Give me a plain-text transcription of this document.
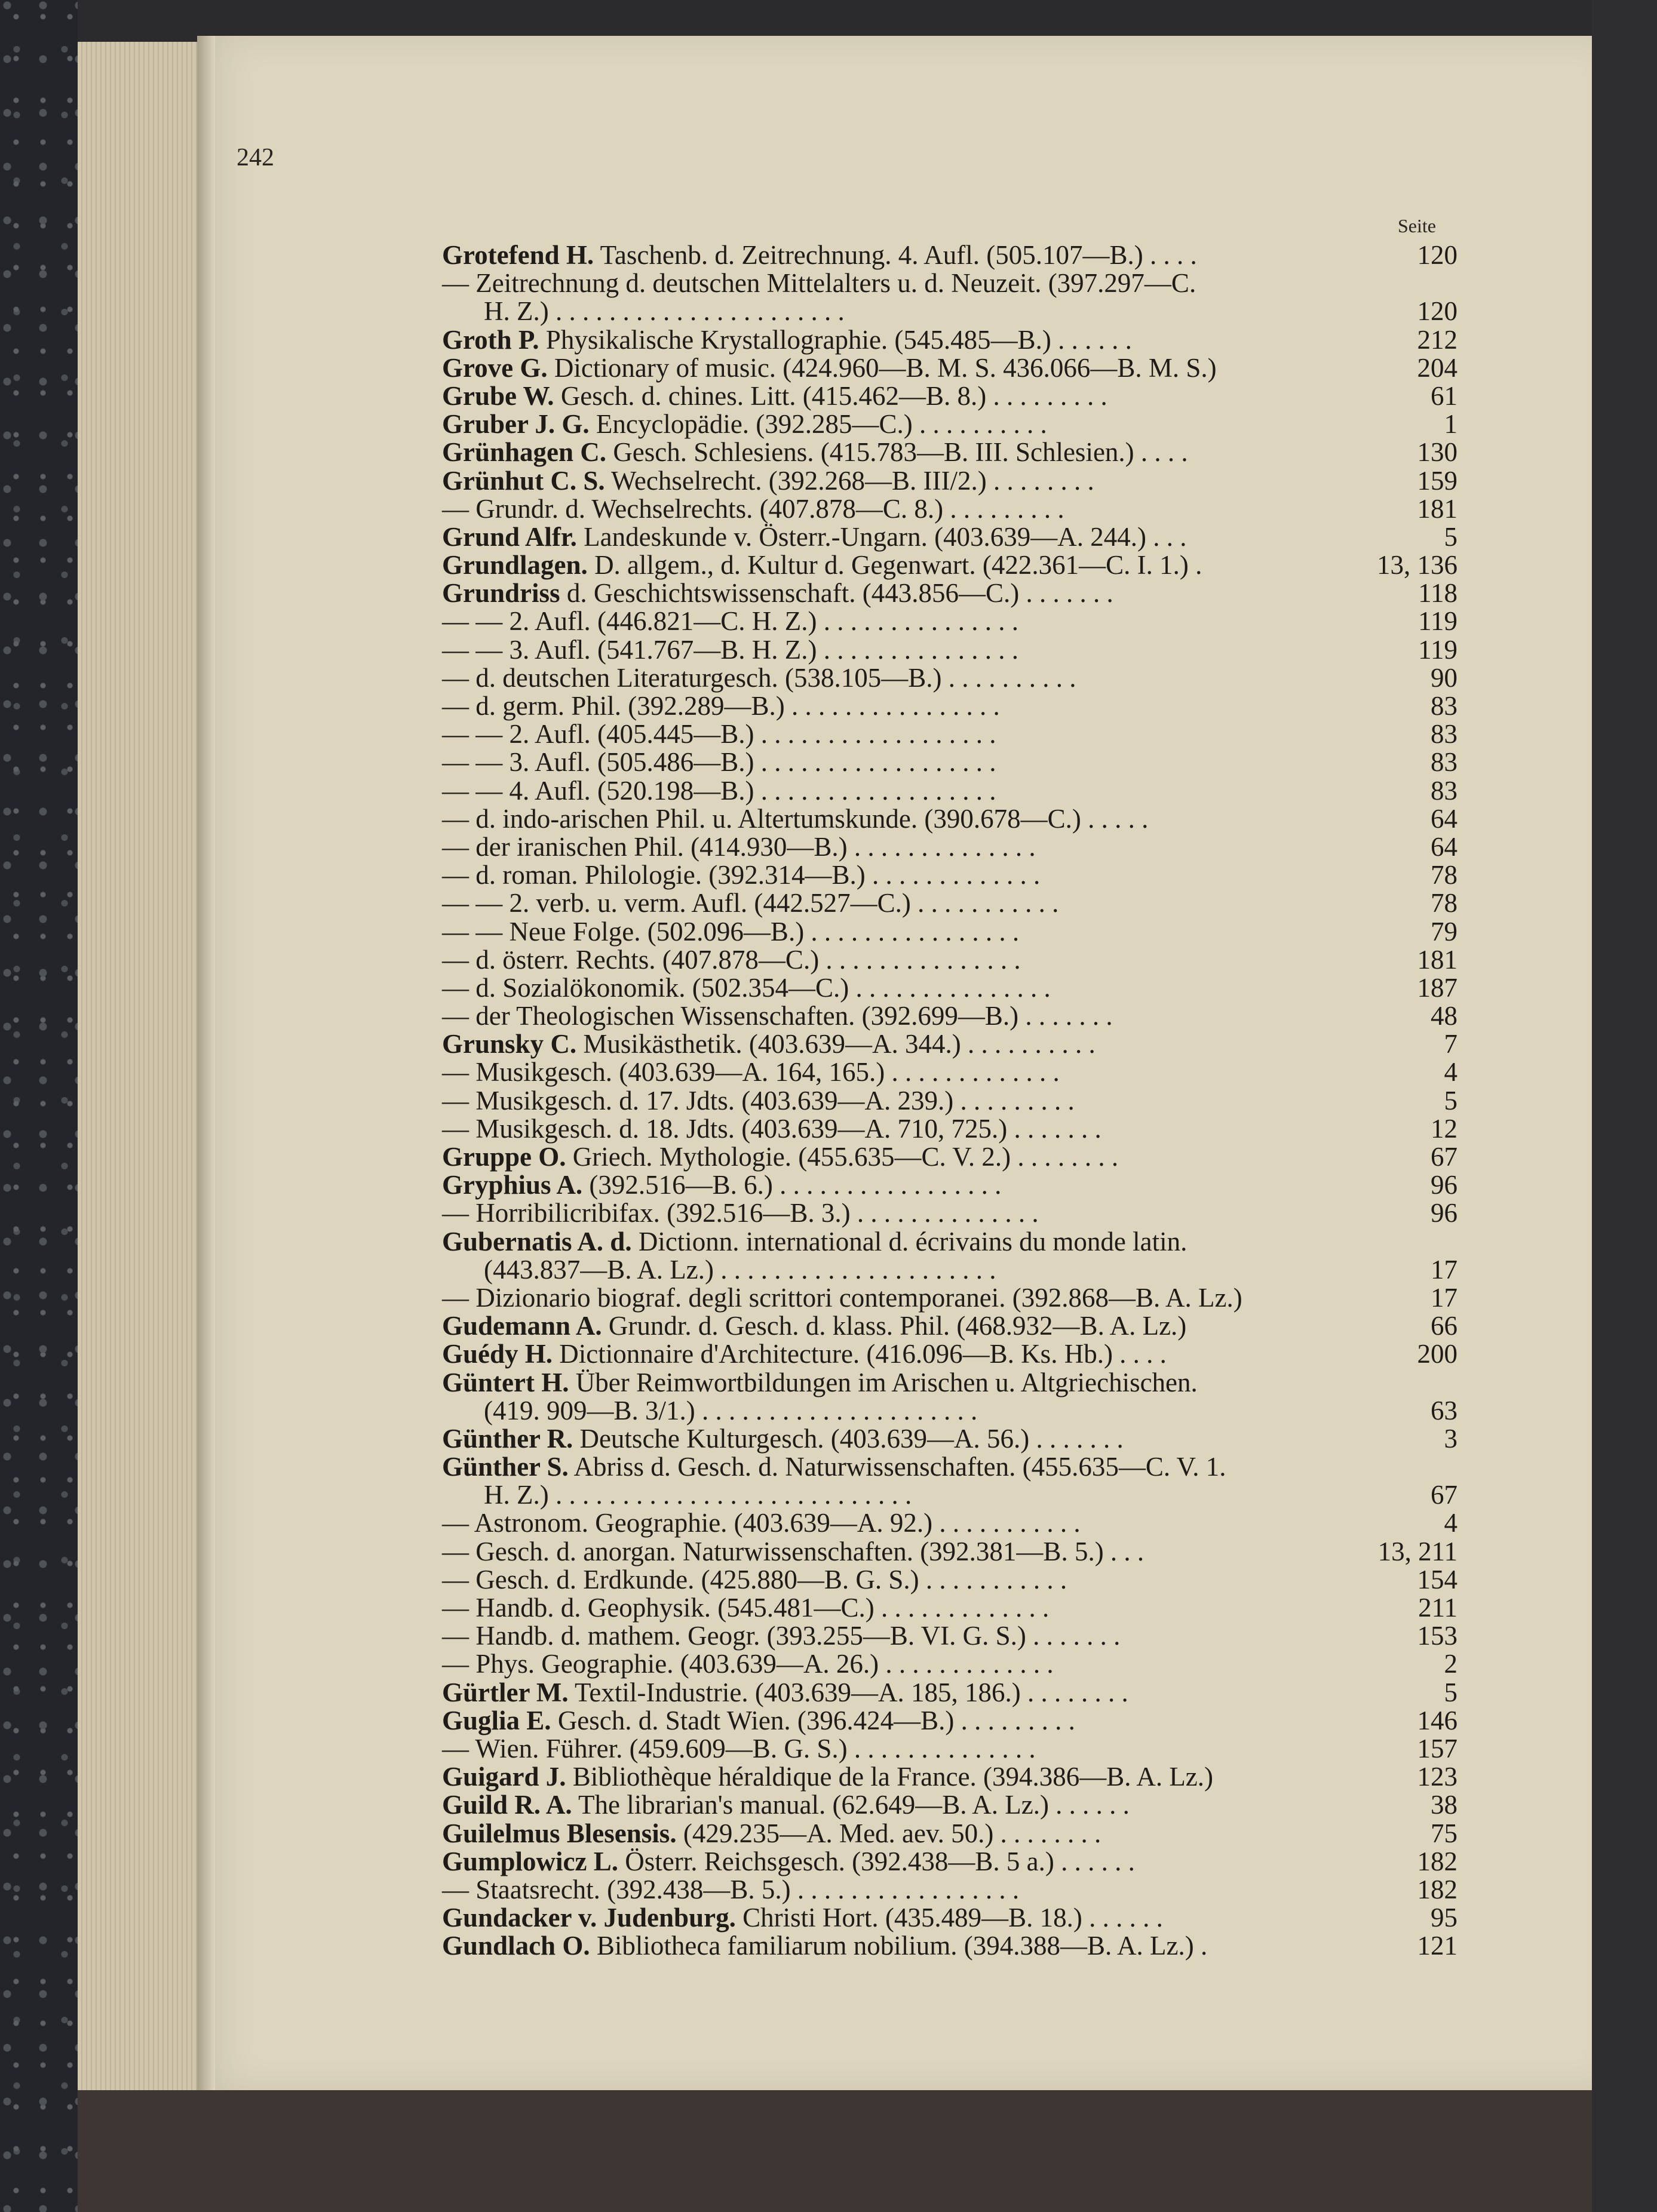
242
Seite
Grotefend H. Taschenb. d. Zeitrechnung. 4. Aufl. (505.107—B.) . . . .	120
— Zeitrechnung d. deutschen Mittelalters u. d. Neuzeit. (397.297—C.
H. Z.) . . . . . . . . . . . . . . . . . . . . . .	120
Groth P. Physikalische Krystallographie. (545.485—B.) . . . . . .	212
Grove G. Dictionary of music. (424.960—B. M. S. 436.066—B. M. S.)	204
Grube W. Gesch. d. chines. Litt. (415.462—B. 8.) . . . . . . . . .	61
Gruber J. G. Encyclopädie. (392.285—C.) . . . . . . . . . .	1
Grünhagen C. Gesch. Schlesiens. (415.783—B. III. Schlesien.) . . . .	130
Grünhut C. S. Wechselrecht. (392.268—B. III/2.) . . . . . . . .	159
— Grundr. d. Wechselrechts. (407.878—C. 8.) . . . . . . . . .	181
Grund Alfr. Landeskunde v. Österr.-Ungarn. (403.639—A. 244.) . . .	5
Grundlagen. D. allgem., d. Kultur d. Gegenwart. (422.361—C. I. 1.) .	13, 136
Grundriss d. Geschichtswissenschaft. (443.856—C.) . . . . . . .	118
— — 2. Aufl. (446.821—C. H. Z.) . . . . . . . . . . . . . . .	119
— — 3. Aufl. (541.767—B. H. Z.) . . . . . . . . . . . . . . .	119
— d. deutschen Literaturgesch. (538.105—B.) . . . . . . . . . .	90
— d. germ. Phil. (392.289—B.) . . . . . . . . . . . . . . . .	83
— — 2. Aufl. (405.445—B.) . . . . . . . . . . . . . . . . . .	83
— — 3. Aufl. (505.486—B.) . . . . . . . . . . . . . . . . . .	83
— — 4. Aufl. (520.198—B.) . . . . . . . . . . . . . . . . . .	83
— d. indo-arischen Phil. u. Altertumskunde. (390.678—C.) . . . . .	64
— der iranischen Phil. (414.930—B.) . . . . . . . . . . . . . .	64
— d. roman. Philologie. (392.314—B.) . . . . . . . . . . . . .	78
— — 2. verb. u. verm. Aufl. (442.527—C.) . . . . . . . . . . .	78
— — Neue Folge. (502.096—B.) . . . . . . . . . . . . . . . .	79
— d. österr. Rechts. (407.878—C.) . . . . . . . . . . . . . . .	181
— d. Sozialökonomik. (502.354—C.) . . . . . . . . . . . . . . .	187
— der Theologischen Wissenschaften. (392.699—B.) . . . . . . .	48
Grunsky C. Musikästhetik. (403.639—A. 344.) . . . . . . . . . .	7
— Musikgesch. (403.639—A. 164, 165.) . . . . . . . . . . . . .	4
— Musikgesch. d. 17. Jdts. (403.639—A. 239.) . . . . . . . . .	5
— Musikgesch. d. 18. Jdts. (403.639—A. 710, 725.) . . . . . . .	12
Gruppe O. Griech. Mythologie. (455.635—C. V. 2.) . . . . . . . .	67
Gryphius A. (392.516—B. 6.) . . . . . . . . . . . . . . . . .	96
— Horribilicribifax. (392.516—B. 3.) . . . . . . . . . . . . . .	96
Gubernatis A. d. Dictionn. international d. écrivains du monde latin.
(443.837—B. A. Lz.) . . . . . . . . . . . . . . . . . . . . .	17
— Dizionario biograf. degli scrittori contemporanei. (392.868—B. A. Lz.)	17
Gudemann A. Grundr. d. Gesch. d. klass. Phil. (468.932—B. A. Lz.)	66
Guédy H. Dictionnaire d'Architecture. (416.096—B. Ks. Hb.) . . . .	200
Güntert H. Über Reimwortbildungen im Arischen u. Altgriechischen.
(419. 909—B. 3/1.) . . . . . . . . . . . . . . . . . . . . .	63
Günther R. Deutsche Kulturgesch. (403.639—A. 56.) . . . . . . .	3
Günther S. Abriss d. Gesch. d. Naturwissenschaften. (455.635—C. V. 1.
H. Z.) . . . . . . . . . . . . . . . . . . . . . . . . . . .	67
— Astronom. Geographie. (403.639—A. 92.) . . . . . . . . . . .	4
— Gesch. d. anorgan. Naturwissenschaften. (392.381—B. 5.) . . .	13, 211
— Gesch. d. Erdkunde. (425.880—B. G. S.) . . . . . . . . . . .	154
— Handb. d. Geophysik. (545.481—C.) . . . . . . . . . . . . .	211
— Handb. d. mathem. Geogr. (393.255—B. VI. G. S.) . . . . . . .	153
— Phys. Geographie. (403.639—A. 26.) . . . . . . . . . . . . .	2
Gürtler M. Textil-Industrie. (403.639—A. 185, 186.) . . . . . . . .	5
Guglia E. Gesch. d. Stadt Wien. (396.424—B.) . . . . . . . . .	146
— Wien. Führer. (459.609—B. G. S.) . . . . . . . . . . . . . .	157
Guigard J. Bibliothèque héraldique de la France. (394.386—B. A. Lz.)	123
Guild R. A. The librarian's manual. (62.649—B. A. Lz.) . . . . . .	38
Guilelmus Blesensis. (429.235—A. Med. aev. 50.) . . . . . . . .	75
Gumplowicz L. Österr. Reichsgesch. (392.438—B. 5 a.) . . . . . .	182
— Staatsrecht. (392.438—B. 5.) . . . . . . . . . . . . . . . . .	182
Gundacker v. Judenburg. Christi Hort. (435.489—B. 18.) . . . . . .	95
Gundlach O. Bibliotheca familiarum nobilium. (394.388—B. A. Lz.) .	121
